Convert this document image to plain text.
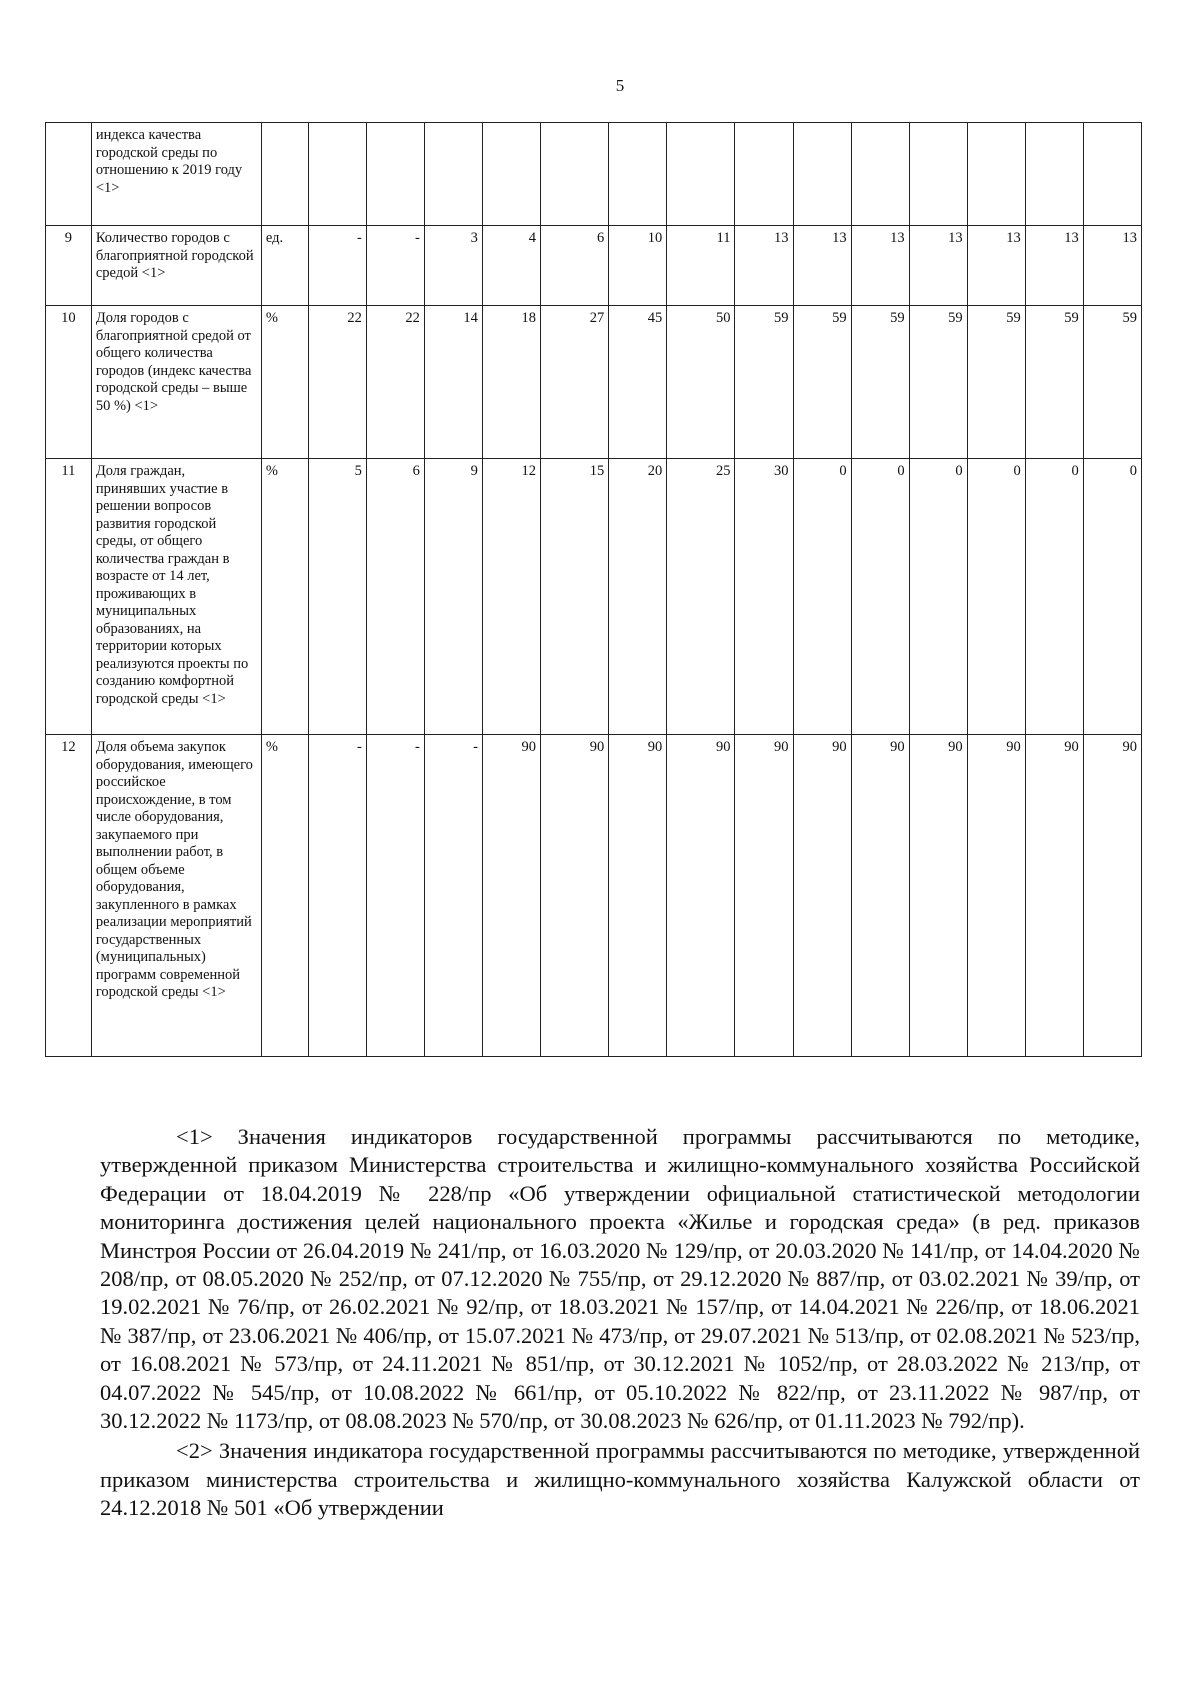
5
	индекса качества городской среды по отношению к 2019 году <1>															
9	Количество городов с благоприятной городской средой <1>	ед.	-	-	3	4	6	10	11	13	13	13	13	13	13	13
10	Доля городов с благоприятной средой от общего количества городов (индекс качества городской среды – выше 50 %) <1>	%	22	22	14	18	27	45	50	59	59	59	59	59	59	59
11	Доля граждан, принявших участие в решении вопросов развития городской среды, от общего количества граждан в возрасте от 14 лет, проживающих в муниципальных образованиях, на территории которых реализуются проекты по созданию комфортной городской среды <1>	%	5	6	9	12	15	20	25	30	0	0	0	0	0	0
12	Доля объема закупок оборудования, имеющего российское происхождение, в том числе оборудования, закупаемого при выполнении работ, в общем объеме оборудования, закупленного в рамках реализации мероприятий государственных (муниципальных) программ современной городской среды <1>	%	-	-	-	90	90	90	90	90	90	90	90	90	90	90

<1> Значения индикаторов государственной программы рассчитываются по методике, утвержденной приказом Министерства строительства и жилищно-коммунального хозяйства Российской Федерации от 18.04.2019 № 228/пр «Об утверждении официальной статистической методологии мониторинга достижения целей национального проекта «Жилье и городская среда» (в ред. приказов Минстроя России от 26.04.2019 № 241/пр, от 16.03.2020 № 129/пр, от 20.03.2020 № 141/пр, от 14.04.2020 № 208/пр, от 08.05.2020 № 252/пр, от 07.12.2020 № 755/пр, от 29.12.2020 № 887/пр, от 03.02.2021 № 39/пр, от 19.02.2021 № 76/пр, от 26.02.2021 № 92/пр, от 18.03.2021 № 157/пр, от 14.04.2021 № 226/пр, от 18.06.2021 № 387/пр, от 23.06.2021 № 406/пр, от 15.07.2021 № 473/пр, от 29.07.2021 № 513/пр, от 02.08.2021 № 523/пр, от 16.08.2021 № 573/пр, от 24.11.2021 № 851/пр, от 30.12.2021 № 1052/пр, от 28.03.2022 № 213/пр, от 04.07.2022 № 545/пр, от 10.08.2022 № 661/пр, от 05.10.2022 № 822/пр, от 23.11.2022 № 987/пр, от 30.12.2022 № 1173/пр, от 08.08.2023 № 570/пр, от 30.08.2023 № 626/пр, от 01.11.2023 № 792/пр).

<2> Значения индикатора государственной программы рассчитываются по методике, утвержденной приказом министерства строительства и жилищно-коммунального хозяйства Калужской области от 24.12.2018 № 501 «Об утверждении
